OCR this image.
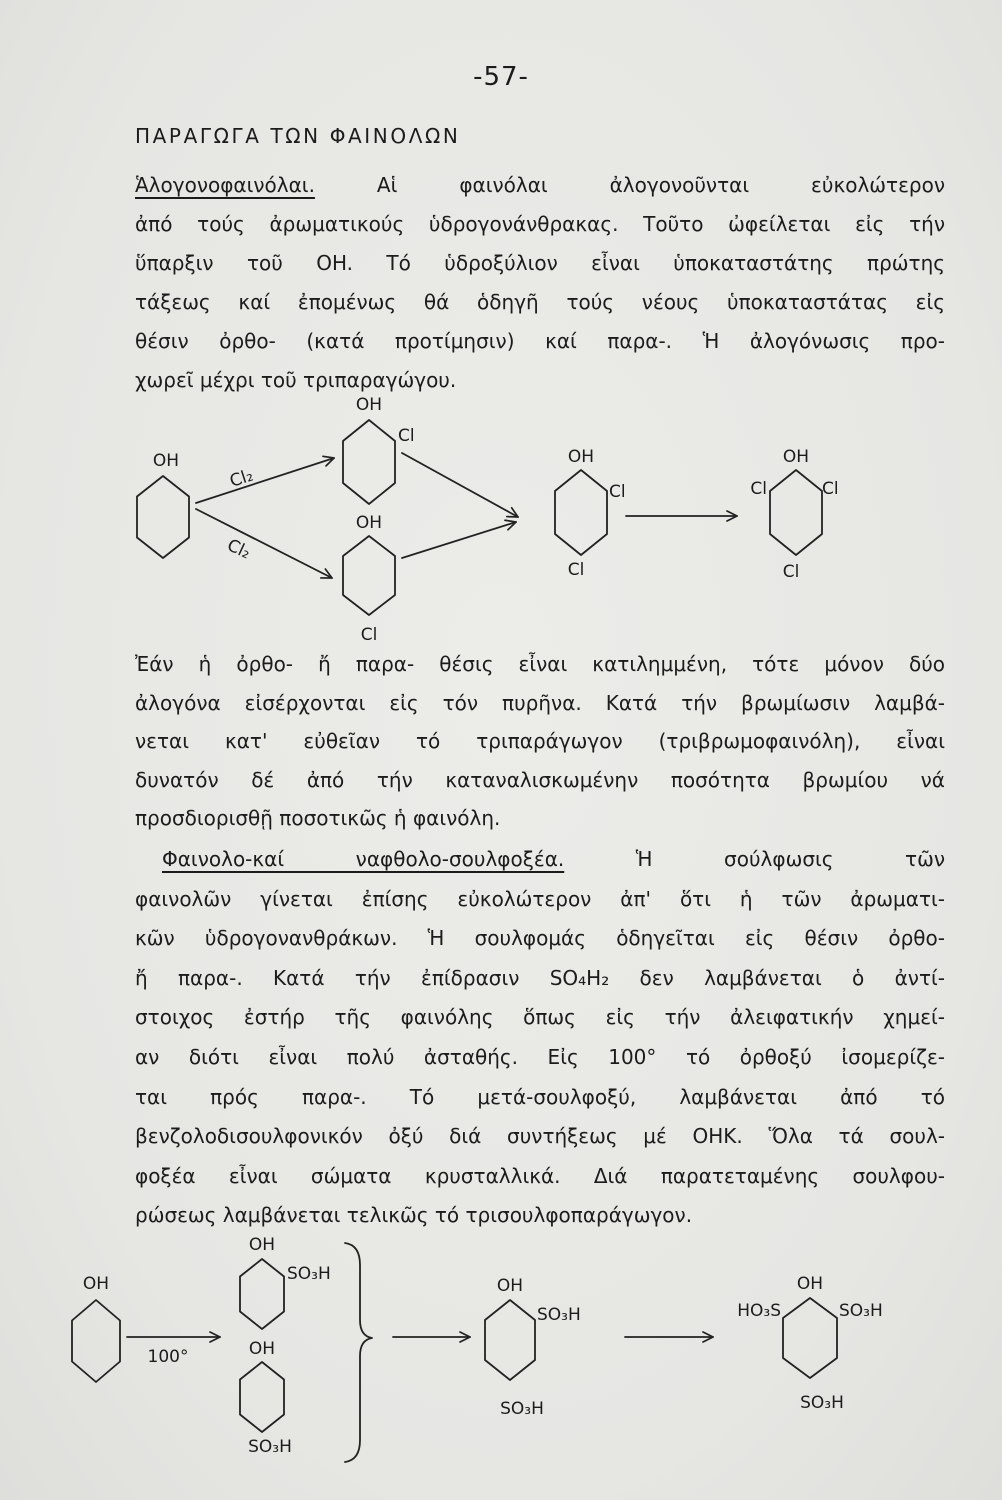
-57-
ΠΑΡΑΓΩΓΑ ΤΩΝ ΦΑΙΝΟΛΩΝ
Ἁλογονοφαινόλαι.	Αἱ φαινόλαι ἀλογονοῦνται εὐκολώτερον
ἀπό τούς ἀρωματικούς ὑδρογονάνθρακας. Τοῦτο ὠφείλεται εἰς τήν
ὕπαρξιν τοῦ OH. Τό ὑδροξύλιον εἶναι ὑποκαταστάτης πρώτης
τάξεως καί ἐπομένως θά ὁδηγῆ τούς νέους ὑποκαταστάτας εἰς
θέσιν ὀρθο- (κατά προτίμησιν) καί παρα-. Ἡ ἀλογόνωσις προ-
χωρεῖ μέχρι τοῦ τριπαραγώγου.
Ἐάν ἡ ὀρθο- ἤ παρα- θέσις εἶναι κατιλημμένη, τότε μόνον δύο
ἀλογόνα εἰσέρχονται εἰς τόν πυρῆνα. Κατά τήν βρωμίωσιν λαμβά-
νεται κατ' εὐθεῖαν τό τριπαράγωγον (τριβρωμοφαινόλη), εἶναι
δυνατόν δέ ἀπό τήν καταναλισκωμένην ποσότητα βρωμίου νά
προσδιορισθῇ ποσοτικῶς ἡ φαινόλη.
Φαινολο-καί ναφθολο-σουλφοξέα.	Ἡ σούλφωσις τῶν
φαινολῶν γίνεται ἐπίσης εὐκολώτερον ἀπ' ὅτι ἡ τῶν ἀρωματι-
κῶν ὑδρογονανθράκων. Ἡ σουλφομάς ὁδηγεῖται εἰς θέσιν ὀρθο-
ἤ παρα-. Κατά τήν ἐπίδρασιν SO₄H₂ δεν λαμβάνεται ὁ ἀντί-
στοιχος ἐστήρ τῆς φαινόλης ὅπως εἰς τήν ἀλειφατικήν χημεί-
αν διότι εἶναι πολύ ἀσταθής. Εἰς 100° τό ὀρθοξύ ἰσομερίζε-
ται πρός παρα-. Τό μετά-σουλφοξύ, λαμβάνεται ἀπό τό
βενζολοδισουλφονικόν ὀξύ διά συντήξεως μέ OHK. Ὅλα τά σουλ-
φοξέα εἶναι σώματα κρυσταλλικά. Διά παρατεταμένης σουλφου-
ρώσεως λαμβάνεται τελικῶς τό τρισουλφοπαράγωγον.
OH
Cl₂
Cl₂
OH
Cl
OH
Cl
OH
Cl
Cl
OH
Cl	Cl
Cl
OH
100°
OH
SO₃H
OH
SO₃H
OH
SO₃H
SO₃H
OH
HO₃S	SO₃H
SO₃H
